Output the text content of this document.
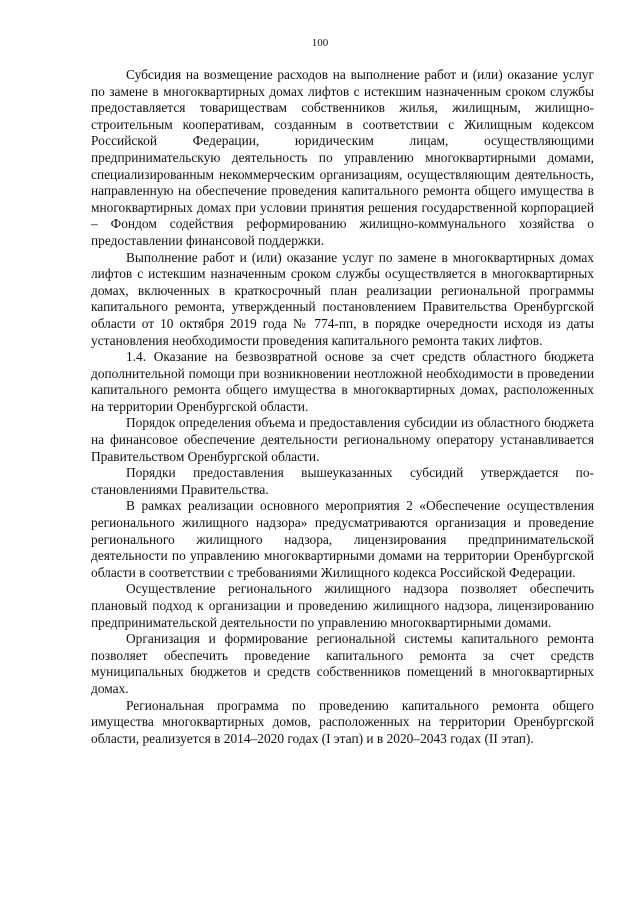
100

Субсидия на возмещение расходов на выполнение работ и (или) оказание услуг по замене в многоквартирных домах лифтов с истекшим назначенным сроком службы предоставляется товариществам собственников жилья, жилищным, жилищно-строительным кооперативам, созданным в соответствии с Жилищным кодексом Российской Федерации, юридическим лицам, осуществляющими предпринимательскую деятельность по управлению многоквартирными домами, специализированным некоммерческим организациям, осуществляющим деятельность, направленную на обеспечение проведения капитального ремонта общего имущества в многоквартирных домах при условии принятия решения государственной корпорацией – Фондом содействия реформированию жилищно-коммунального хозяйства о предоставлении финансовой поддержки.

Выполнение работ и (или) оказание услуг по замене в многоквартирных домах лифтов с истекшим назначенным сроком службы осуществляется в многоквартирных домах, включенных в краткосрочный план реализации региональной программы капитального ремонта, утвержденный постановлением Правительства Оренбургской области от 10 октября 2019 года № 774-пп, в порядке очередности исходя из даты установления необходимости проведения капитального ремонта таких лифтов.

1.4. Оказание на безвозвратной основе за счет средств областного бюджета дополнительной помощи при возникновении неотложной необходимости в проведении капитального ремонта общего имущества в многоквартирных домах, расположенных на территории Оренбургской области.

Порядок определения объема и предоставления субсидии из областного бюджета на финансовое обеспечение деятельности региональному оператору устанавливается Правительством Оренбургской области.

Порядки предоставления вышеуказанных субсидий утверждается постановлениями Правительства.

В рамках реализации основного мероприятия 2 «Обеспечение осуществления регионального жилищного надзора» предусматриваются организация и проведение регионального жилищного надзора, лицензирования предпринимательской деятельности по управлению многоквартирными домами на территории Оренбургской области в соответствии с требованиями Жилищного кодекса Российской Федерации.

Осуществление регионального жилищного надзора позволяет обеспечить плановый подход к организации и проведению жилищного надзора, лицензированию предпринимательской деятельности по управлению многоквартирными домами.

Организация и формирование региональной системы капитального ремонта позволяет обеспечить проведение капитального ремонта за счет средств муниципальных бюджетов и средств собственников помещений в многоквартирных домах.

Региональная программа по проведению капитального ремонта общего имущества многоквартирных домов, расположенных на территории Оренбургской области, реализуется в 2014–2020 годах (I этап) и в 2020–2043 годах (II этап).
